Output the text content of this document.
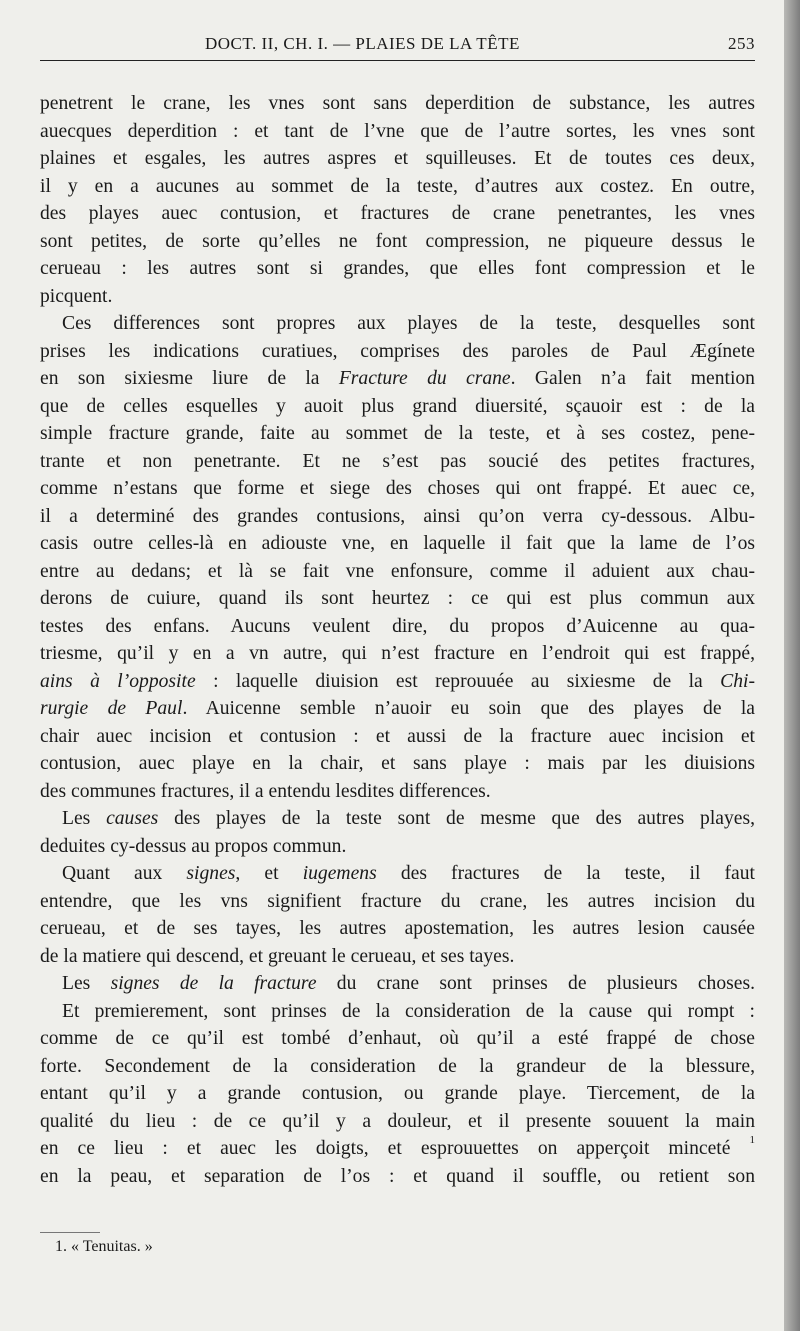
DOCT. II, CH. I. — PLAIES DE LA TÊTE	253
penetrent le crane, les vnes sont sans deperdition de substance, les autres
auecques deperdition : et tant de l’vne que de l’autre sortes, les vnes sont
plaines et esgales, les autres aspres et squilleuses. Et de toutes ces deux,
il y en a aucunes au sommet de la teste, d’autres aux costez. En outre,
des playes auec contusion, et fractures de crane penetrantes, les vnes
sont petites, de sorte qu’elles ne font compression, ne piqueure dessus le
cerueau : les autres sont si grandes, que elles font compression et le
picquent.
Ces differences sont propres aux playes de la teste, desquelles sont
prises les indications curatiues, comprises des paroles de Paul Ægínete
en son sixiesme liure de la Fracture du crane. Galen n’a fait mention
que de celles esquelles y auoit plus grand diuersité, sçauoir est : de la
simple fracture grande, faite au sommet de la teste, et à ses costez, pene-
trante et non penetrante. Et ne s’est pas soucié des petites fractures,
comme n’estans que forme et siege des choses qui ont frappé. Et auec ce,
il a determiné des grandes contusions, ainsi qu’on verra cy-dessous. Albu-
casis outre celles-là en adiouste vne, en laquelle il fait que la lame de l’os
entre au dedans; et là se fait vne enfonsure, comme il aduient aux chau-
derons de cuiure, quand ils sont heurtez : ce qui est plus commun aux
testes des enfans. Aucuns veulent dire, du propos d’Auicenne au qua-
triesme, qu’il y en a vn autre, qui n’est fracture en l’endroit qui est frappé,
ains à l’opposite : laquelle diuision est reprouuée au sixiesme de la Chi-
rurgie de Paul. Auicenne semble n’auoir eu soin que des playes de la
chair auec incision et contusion : et aussi de la fracture auec incision et
contusion, auec playe en la chair, et sans playe : mais par les diuisions
des communes fractures, il a entendu lesdites differences.
Les causes des playes de la teste sont de mesme que des autres playes,
deduites cy-dessus au propos commun.
Quant aux signes, et iugemens des fractures de la teste, il faut
entendre, que les vns signifient fracture du crane, les autres incision du
cerueau, et de ses tayes, les autres apostemation, les autres lesion causée
de la matiere qui descend, et greuant le cerueau, et ses tayes.
Les signes de la fracture du crane sont prinses de plusieurs choses.
Et premierement, sont prinses de la consideration de la cause qui rompt :
comme de ce qu’il est tombé d’enhaut, où qu’il a esté frappé de chose
forte. Secondement de la consideration de la grandeur de la blessure,
entant qu’il y a grande contusion, ou grande playe. Tiercement, de la
qualité du lieu : de ce qu’il y a douleur, et il presente souuent la main
en ce lieu : et auec les doigts, et esprouuettes on apperçoit minceté $^1$
en la peau, et separation de l’os : et quand il souffle, ou retient son
1. « Tenuitas. »
